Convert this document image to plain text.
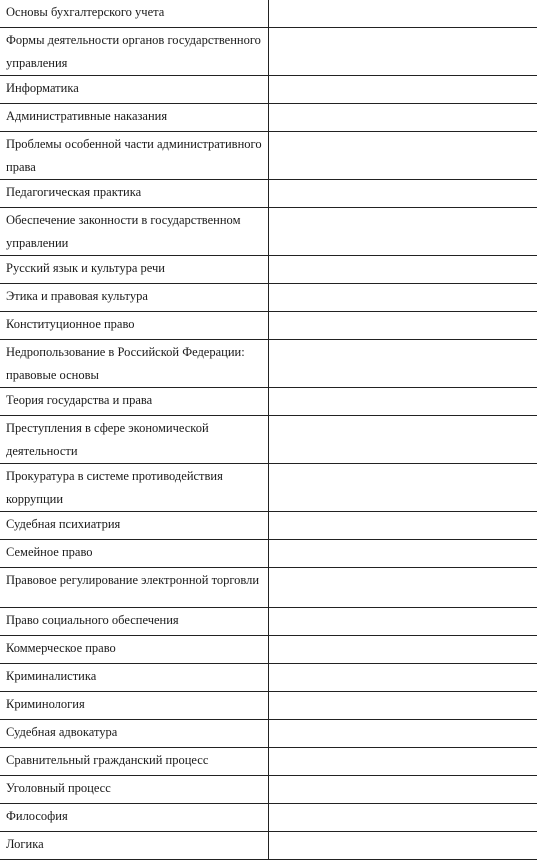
Основы бухгалтерского учета	
Формы деятельности органов государственного управления	
Информатика	
Административные наказания	
Проблемы особенной части административного права	
Педагогическая практика	
Обеспечение законности в государственном управлении	
Русский язык и культура речи	
Этика и правовая культура	
Конституционное право	
Недропользование в Российской Федерации: правовые основы	
Теория государства и права	
Преступления в сфере экономической деятельности	
Прокуратура в системе противодействия коррупции	
Судебная психиатрия	
Семейное право	
Правовое регулирование электронной торговли	
Право социального обеспечения	
Коммерческое право	
Криминалистика	
Криминология	
Судебная адвокатура	
Сравнительный гражданский процесс	
Уголовный процесс	
Философия	
Логика	
